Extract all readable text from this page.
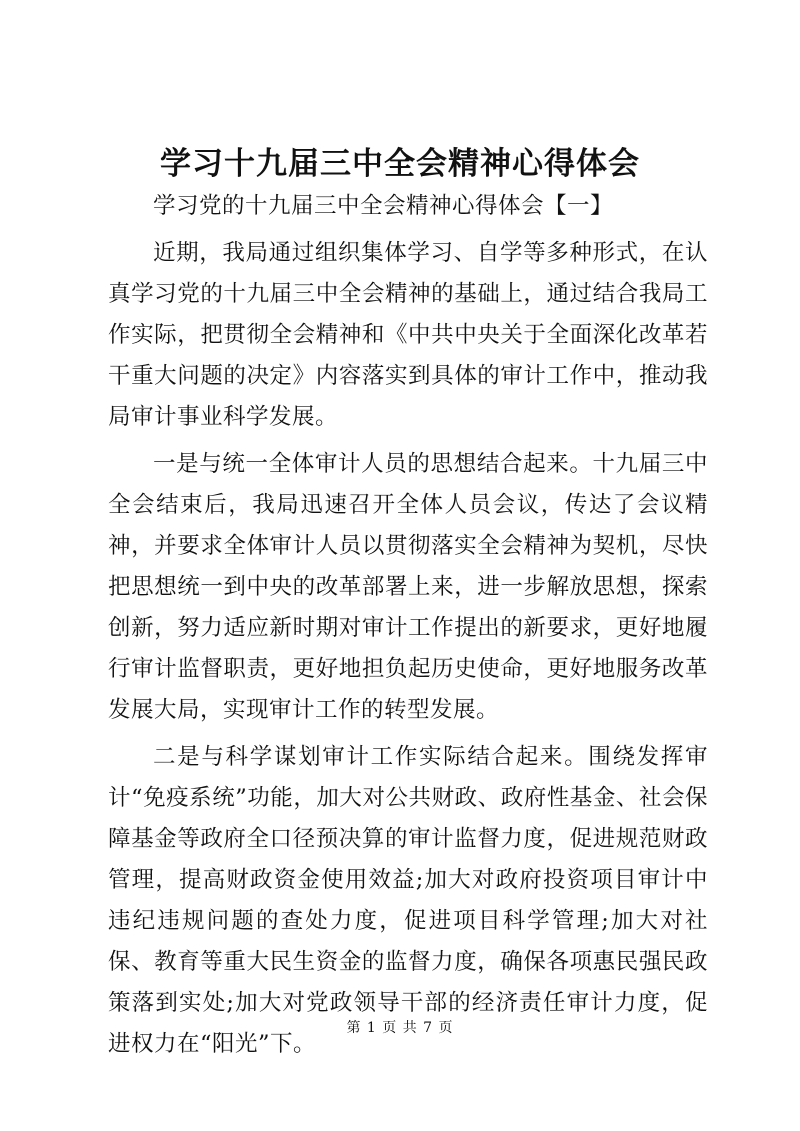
学习十九届三中全会精神心得体会

学习党的十九届三中全会精神心得体会【一】

近期，我局通过组织集体学习、自学等多种形式，在认真学习党的十九届三中全会精神的基础上，通过结合我局工作实际，把贯彻全会精神和《中共中央关于全面深化改革若干重大问题的决定》内容落实到具体的审计工作中，推动我局审计事业科学发展。

一是与统一全体审计人员的思想结合起来。十九届三中全会结束后，我局迅速召开全体人员会议，传达了会议精神，并要求全体审计人员以贯彻落实全会精神为契机，尽快把思想统一到中央的改革部署上来，进一步解放思想，探索创新，努力适应新时期对审计工作提出的新要求，更好地履行审计监督职责，更好地担负起历史使命，更好地服务改革发展大局，实现审计工作的转型发展。

二是与科学谋划审计工作实际结合起来。围绕发挥审计“免疫系统”功能，加大对公共财政、政府性基金、社会保障基金等政府全口径预决算的审计监督力度，促进规范财政管理，提高财政资金使用效益;加大对政府投资项目审计中违纪违规问题的查处力度，促进项目科学管理;加大对社保、教育等重大民生资金的监督力度，确保各项惠民强民政策落到实处;加大对党政领导干部的经济责任审计力度，促进权力在“阳光”下。

第 1 页 共 7 页
